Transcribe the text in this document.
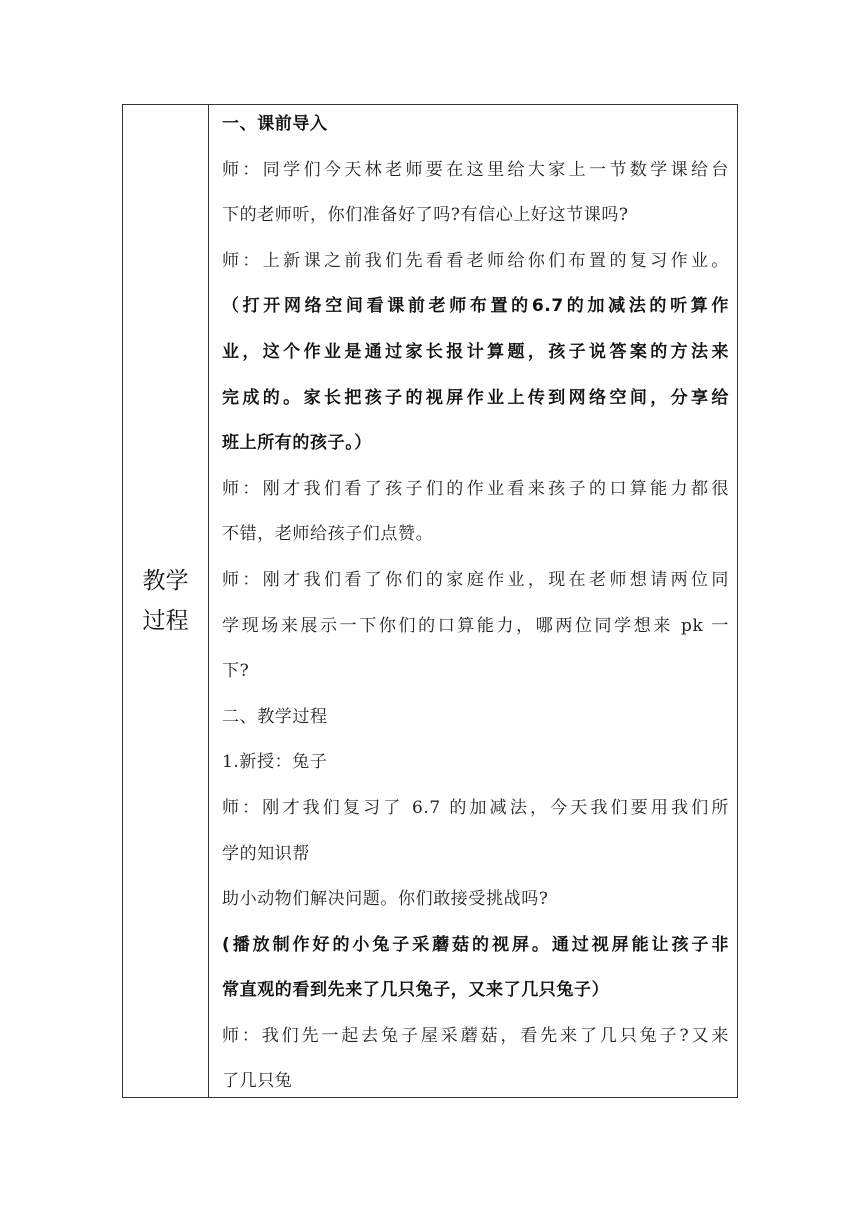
教学过程
一、课前导入
师：同学们今天林老师要在这里给大家上一节数学课给台
下的老师听，你们准备好了吗?有信心上好这节课吗?
师：上新课之前我们先看看老师给你们布置的复习作业。
（打开网络空间看课前老师布置的6.7的加减法的听算作
业，这个作业是通过家长报计算题，孩子说答案的方法来
完成的。家长把孩子的视屏作业上传到网络空间，分享给
班上所有的孩子。）
师：刚才我们看了孩子们的作业看来孩子的口算能力都很
不错，老师给孩子们点赞。
师：刚才我们看了你们的家庭作业，现在老师想请两位同
学现场来展示一下你们的口算能力，哪两位同学想来 pk 一
下?
二、教学过程
1.新授：兔子
师：刚才我们复习了 6.7 的加减法，今天我们要用我们所
学的知识帮
助小动物们解决问题。你们敢接受挑战吗?
(播放制作好的小兔子采蘑菇的视屏。通过视屏能让孩子非
常直观的看到先来了几只兔子，又来了几只兔子）
师：我们先一起去兔子屋采蘑菇，看先来了几只兔子?又来
了几只兔
